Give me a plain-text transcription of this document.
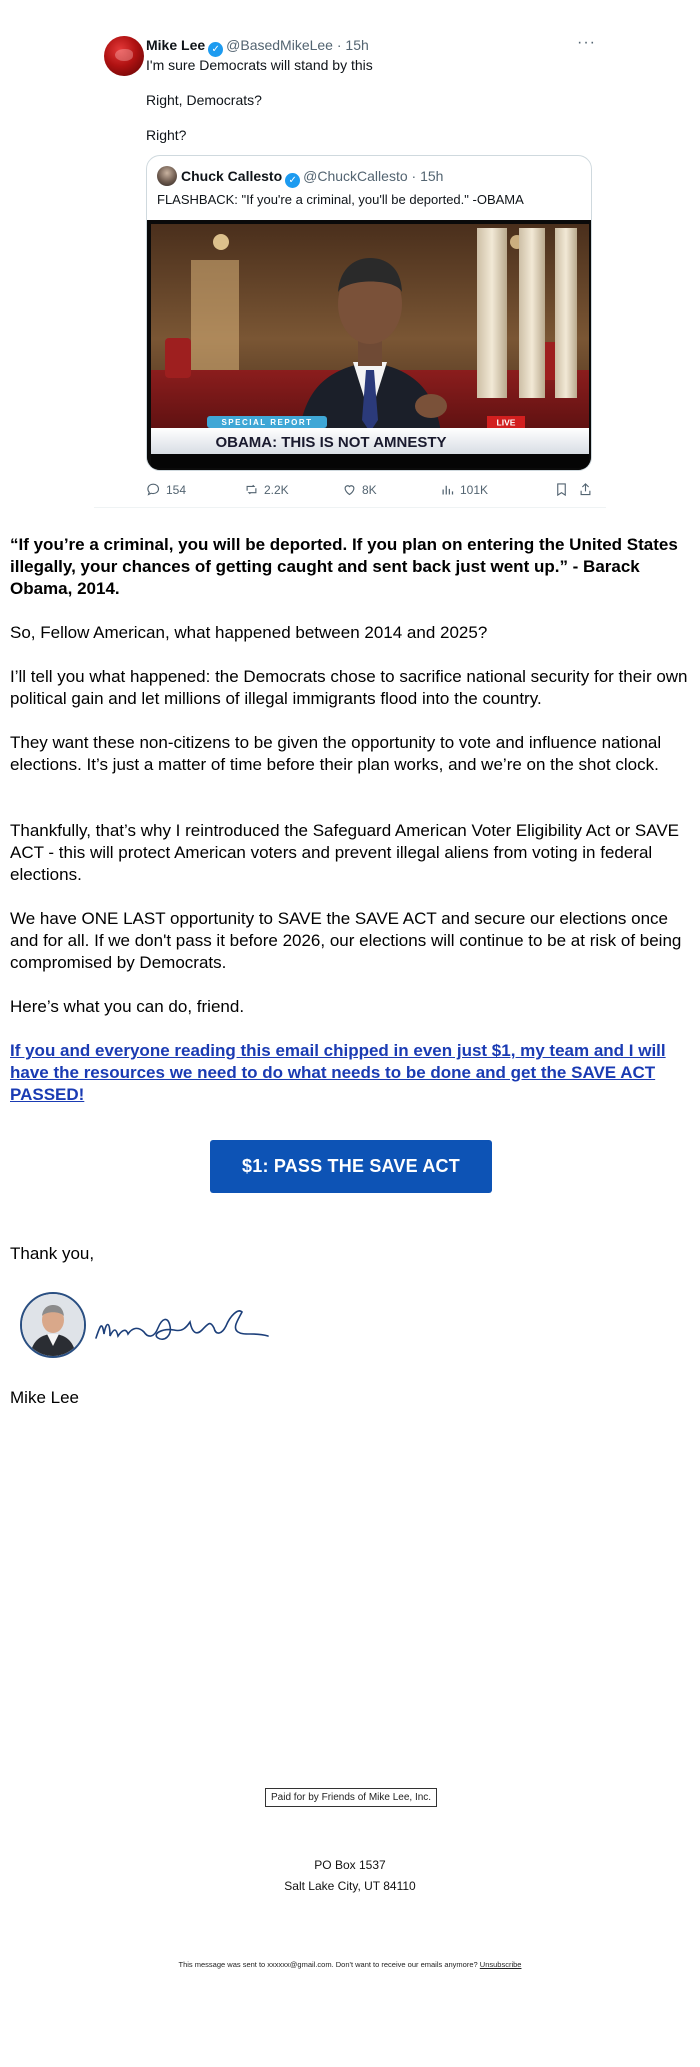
Mike Lee ✓ @BasedMikeLee · 15h	···
I'm sure Democrats will stand by this
Right, Democrats?
Right?
Chuck Callesto ✓ @ChuckCallesto · 15h
FLASHBACK: "If you're a criminal, you'll be deported." -OBAMA
SPECIAL REPORT	LIVE
OBAMA: THIS IS NOT AMNESTY
154	2.2K	8K	101K
“If you’re a criminal, you will be deported. If you plan on entering the United States illegally, your chances of getting caught and sent back just went up.” - Barack Obama, 2014.
So, Fellow American, what happened between 2014 and 2025?
I’ll tell you what happened: the Democrats chose to sacrifice national security for their own political gain and let millions of illegal immigrants flood into the country.
They want these non-citizens to be given the opportunity to vote and influence national elections. It’s just a matter of time before their plan works, and we’re on the shot clock.
Thankfully, that’s why I reintroduced the Safeguard American Voter Eligibility Act or SAVE ACT - this will protect American voters and prevent illegal aliens from voting in federal elections.
We have ONE LAST opportunity to SAVE the SAVE ACT and secure our elections once and for all. If we don't pass it before 2026, our elections will continue to be at risk of being compromised by Democrats.
Here’s what you can do, friend.
If you and everyone reading this email chipped in even just $1, my team and I will have the resources we need to do what needs to be done and get the SAVE ACT PASSED!
$1: PASS THE SAVE ACT
Thank you,
Mike Lee
Paid for by Friends of Mike Lee, Inc.
PO Box 1537
Salt Lake City, UT 84110
This message was sent to xxxxxx@gmail.com. Don't want to receive our emails anymore? Unsubscribe
